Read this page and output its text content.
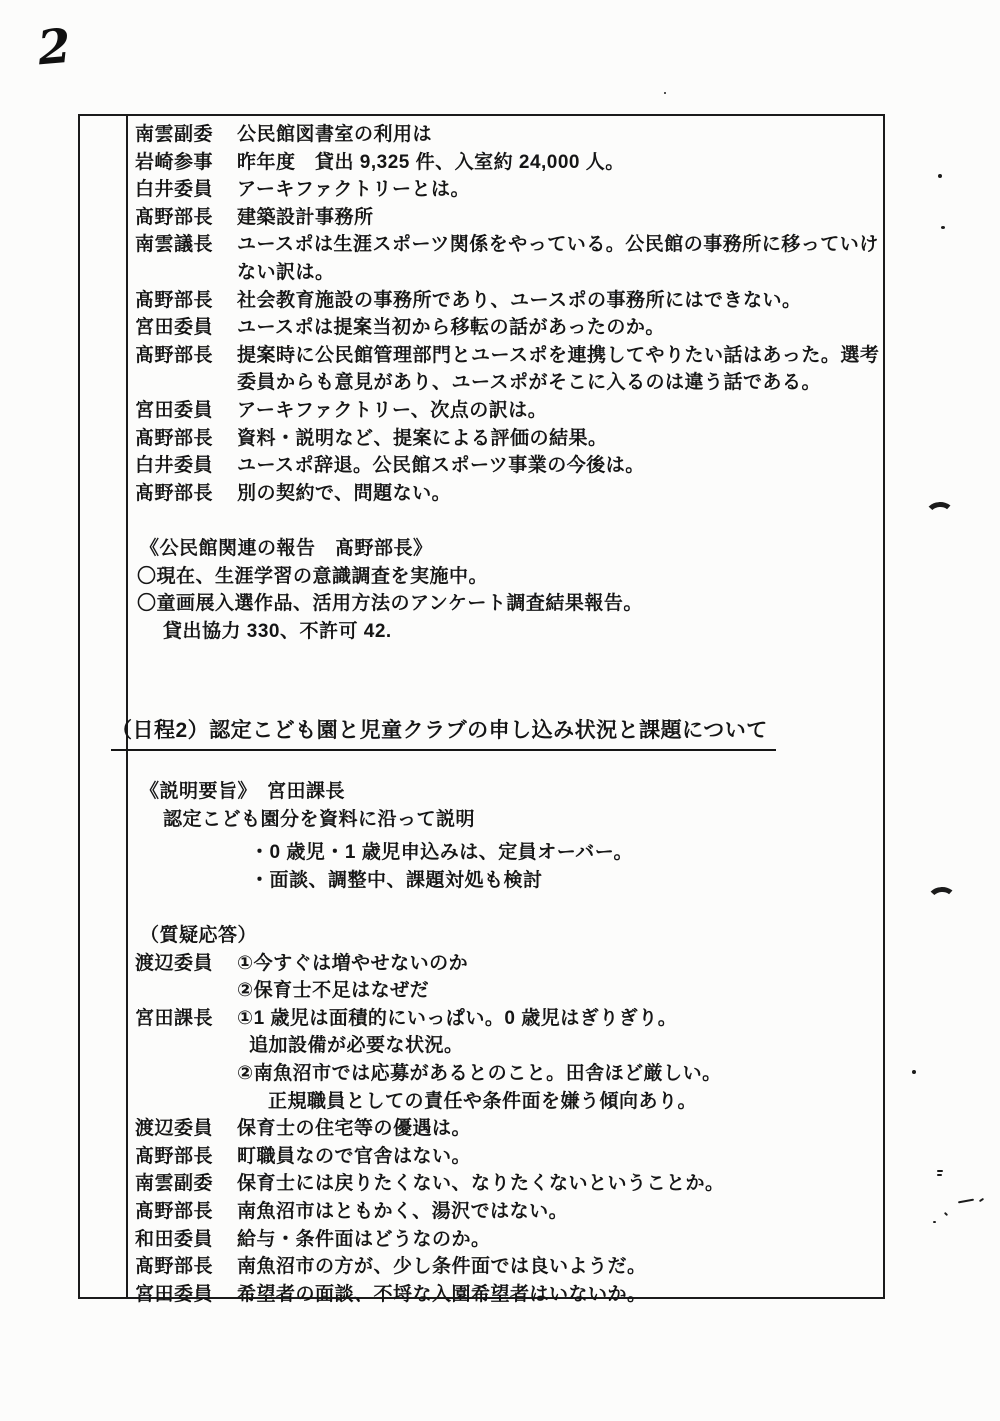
2
南雲副委	公民館図書室の利用は
岩崎参事	昨年度　貸出 9,325 件、入室約 24,000 人。
白井委員	アーキファクトリーとは。
髙野部長	建築設計事務所
南雲議長	ユースポは生涯スポーツ関係をやっている。公民館の事務所に移っていけ
ない訳は。
髙野部長	社会教育施設の事務所であり、ユースポの事務所にはできない。
宮田委員	ユースポは提案当初から移転の話があったのか。
髙野部長	提案時に公民館管理部門とユースポを連携してやりたい話はあった。選考
委員からも意見があり、ユースポがそこに入るのは違う話である。
宮田委員	アーキファクトリー、次点の訳は。
髙野部長	資料・説明など、提案による評価の結果。
白井委員	ユースポ辞退。公民館スポーツ事業の今後は。
髙野部長	別の契約で、問題ない。
《公民館関連の報告　髙野部長》
〇現在、生涯学習の意識調査を実施中。
〇童画展入選作品、活用方法のアンケート調査結果報告。
貸出協力 330、不許可 42.
（日程2）認定こども園と児童クラブの申し込み状況と課題について
《説明要旨》　宮田課長
認定こども園分を資料に沿って説明
・0 歳児・1 歳児申込みは、定員オーバー。
・面談、調整中、課題対処も検討
（質疑応答）
渡辺委員	①今すぐは増やせないのか
②保育士不足はなぜだ
宮田課長	①1 歳児は面積的にいっぱい。0 歳児はぎりぎり。
追加設備が必要な状況。
②南魚沼市では応募があるとのこと。田舎ほど厳しい。
正規職員としての責任や条件面を嫌う傾向あり。
渡辺委員	保育士の住宅等の優遇は。
髙野部長	町職員なので官舎はない。
南雲副委	保育士には戻りたくない、なりたくないということか。
髙野部長	南魚沼市はともかく、湯沢ではない。
和田委員	給与・条件面はどうなのか。
髙野部長	南魚沼市の方が、少し条件面では良いようだ。
宮田委員	希望者の面談、不埒な入園希望者はいないか。
